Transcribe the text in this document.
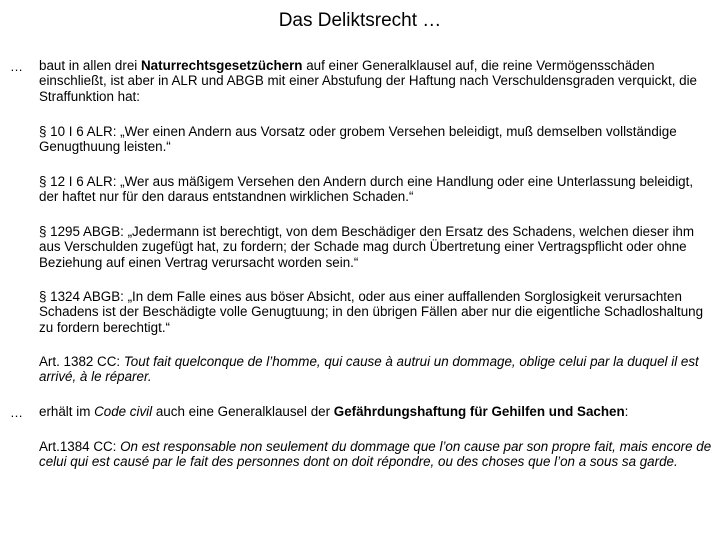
Das Deliktsrecht …
… baut in allen drei Naturrechtsgesetzüchern auf einer Generalklausel auf, die reine Vermögensschäden einschließt, ist aber in ALR und ABGB mit einer Abstufung der Haftung nach Verschuldensgraden verquickt, die Straffunktion hat:
§ 10 I 6 ALR: „Wer einen Andern aus Vorsatz oder grobem Versehen beleidigt, muß demselben vollständige Genugthuung leisten.“
§ 12 I 6 ALR: „Wer aus mäßigem Versehen den Andern durch eine Handlung oder eine Unterlassung beleidigt, der haftet nur für den daraus entstandnen wirklichen Schaden.“
§ 1295 ABGB: „Jedermann ist berechtigt, von dem Beschädiger den Ersatz des Schadens, welchen dieser ihm aus Verschulden zugefügt hat, zu fordern; der Schade mag durch Übertretung einer Vertragspflicht oder ohne Beziehung auf einen Vertrag verursacht worden sein.“
§ 1324 ABGB: „In dem Falle eines aus böser Absicht, oder aus einer auffallenden Sorglosigkeit verursachten Schadens ist der Beschädigte volle Genugtuung; in den übrigen Fällen aber nur die eigentliche Schadloshaltung zu fordern berechtigt.“
Art. 1382 CC: Tout fait quelconque de l’homme, qui cause à autrui un dommage, oblige celui par la duquel il est arrivé, à le réparer.
… erhält im Code civil auch eine Generalklausel der Gefährdungshaftung für Gehilfen und Sachen:
Art.1384 CC: On est responsable non seulement du dommage que l’on cause par son propre fait, mais encore de celui qui est causé par le fait des personnes dont on doit répondre, ou des choses que l’on a sous sa garde.
